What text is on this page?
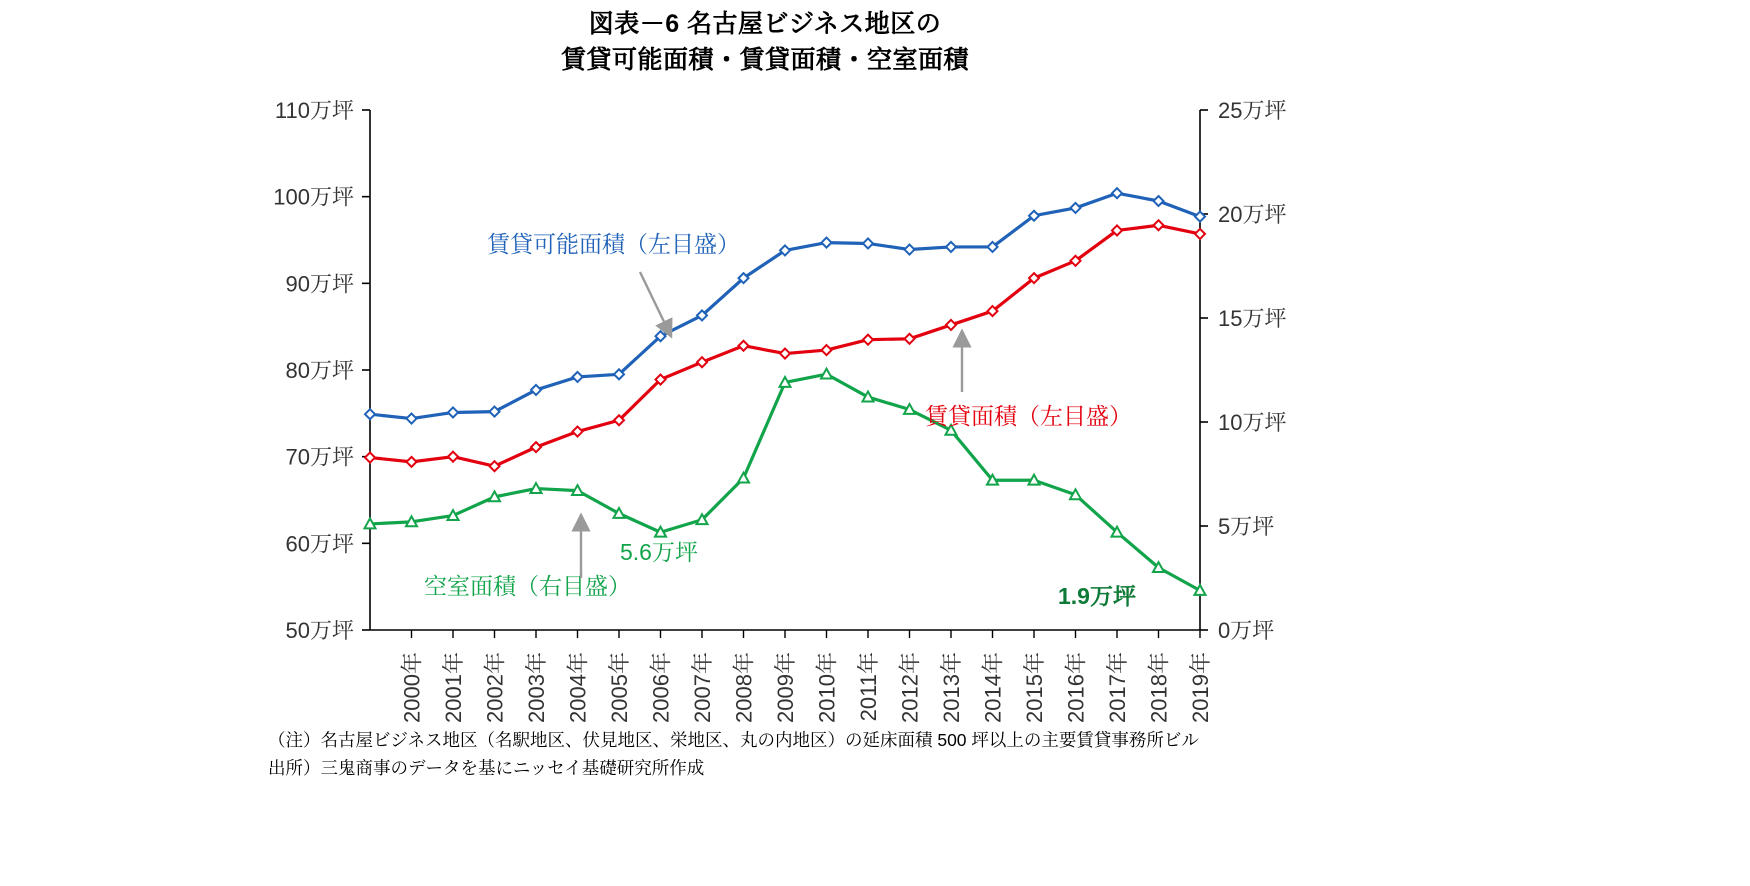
図表－6 名古屋ビジネス地区の
賃貸可能面積・賃貸面積・空室面積
50万坪
60万坪
70万坪
80万坪
90万坪
100万坪
110万坪
0万坪
5万坪
10万坪
15万坪
20万坪
25万坪
2000年 2001年 2002年 2003年 2004年 2005年 2006年 2007年 2008年 2009年 2010年 2011年 2012年 2013年 2014年 2015年 2016年 2017年 2018年 2019年
賃貸可能面積（左目盛）
賃貸面積（左目盛）
空室面積（右目盛）
5.6万坪
1.9万坪
（注）名古屋ビジネス地区（名駅地区、伏見地区、栄地区、丸の内地区）の延床面積 500 坪以上の主要賃貸事務所ビル
出所）三鬼商事のデータを基にニッセイ基礎研究所作成
